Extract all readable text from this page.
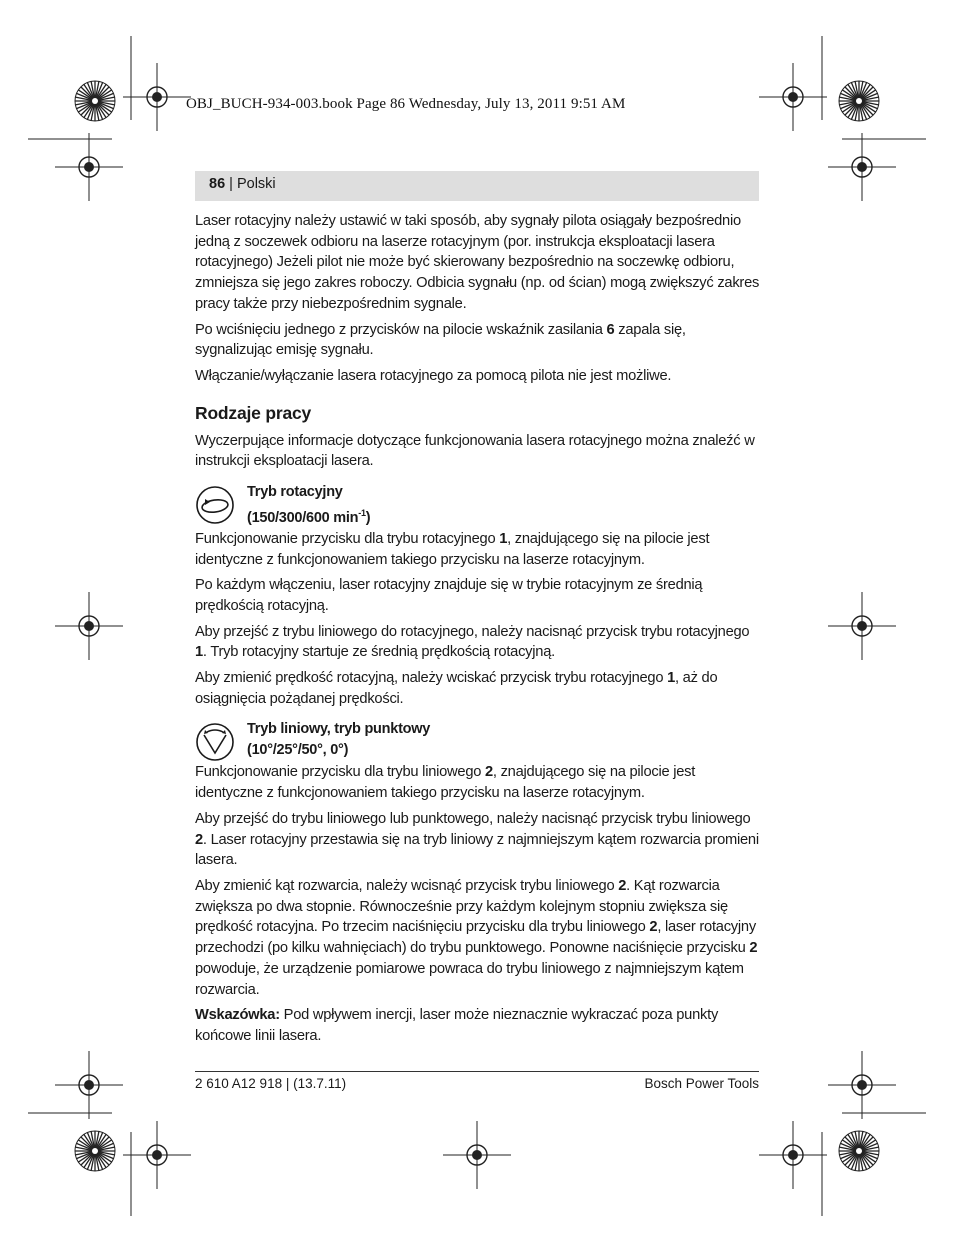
OBJ_BUCH-934-003.book Page 86 Wednesday, July 13, 2011 9:51 AM
86 | Polski

Laser rotacyjny należy ustawić w taki sposób, aby sygnały pilota osiągały bezpośrednio jedną z soczewek odbioru na laserze rotacyjnym (por. instrukcja eksploatacji lasera rotacyjnego) Jeżeli pilot nie może być skierowany bezpośrednio na soczewkę odbioru, zmniejsza się jego zakres roboczy. Odbicia sygnału (np. od ścian) mogą zwiększyć zakres pracy także przy niebezpośrednim sygnale.

Po wciśnięciu jednego z przycisków na pilocie wskaźnik zasilania 6 zapala się, sygnalizując emisję sygnału.

Włączanie/wyłączanie lasera rotacyjnego za pomocą pilota nie jest możliwe.

Rodzaje pracy

Wyczerpujące informacje dotyczące funkcjonowania lasera rotacyjnego można znaleźć w instrukcji eksploatacji lasera.

Tryb rotacyjny
(150/300/600 $\min^{-1}$)

Funkcjonowanie przycisku dla trybu rotacyjnego 1, znajdującego się na pilocie jest identyczne z funkcjonowaniem takiego przycisku na laserze rotacyjnym.

Po każdym włączeniu, laser rotacyjny znajduje się w trybie rotacyjnym ze średnią prędkością rotacyjną.

Aby przejść z trybu liniowego do rotacyjnego, należy nacisnąć przycisk trybu rotacyjnego 1. Tryb rotacyjny startuje ze średnią prędkością rotacyjną.

Aby zmienić prędkość rotacyjną, należy wciskać przycisk trybu rotacyjnego 1, aż do osiągnięcia pożądanej prędkości.

Tryb liniowy, tryb punktowy
(10°/25°/50°, 0°)

Funkcjonowanie przycisku dla trybu liniowego 2, znajdującego się na pilocie jest identyczne z funkcjonowaniem takiego przycisku na laserze rotacyjnym.

Aby przejść do trybu liniowego lub punktowego, należy nacisnąć przycisk trybu liniowego 2. Laser rotacyjny przestawia się na tryb liniowy z najmniejszym kątem rozwarcia promieni lasera.

Aby zmienić kąt rozwarcia, należy wcisnąć przycisk trybu liniowego 2. Kąt rozwarcia zwiększa po dwa stopnie. Równocześnie przy każdym kolejnym stopniu zwiększa się prędkość rotacyjna. Po trzecim naciśnięciu przycisku dla trybu liniowego 2, laser rotacyjny przechodzi (po kilku wahnięciach) do trybu punktowego. Ponowne naciśnięcie przycisku 2 powoduje, że urządzenie pomiarowe powraca do trybu liniowego z najmniejszym kątem rozwarcia.

Wskazówka: Pod wpływem inercji, laser może nieznacznie wykraczać poza punkty końcowe linii lasera.

2 610 A12 918 | (13.7.11)	Bosch Power Tools
